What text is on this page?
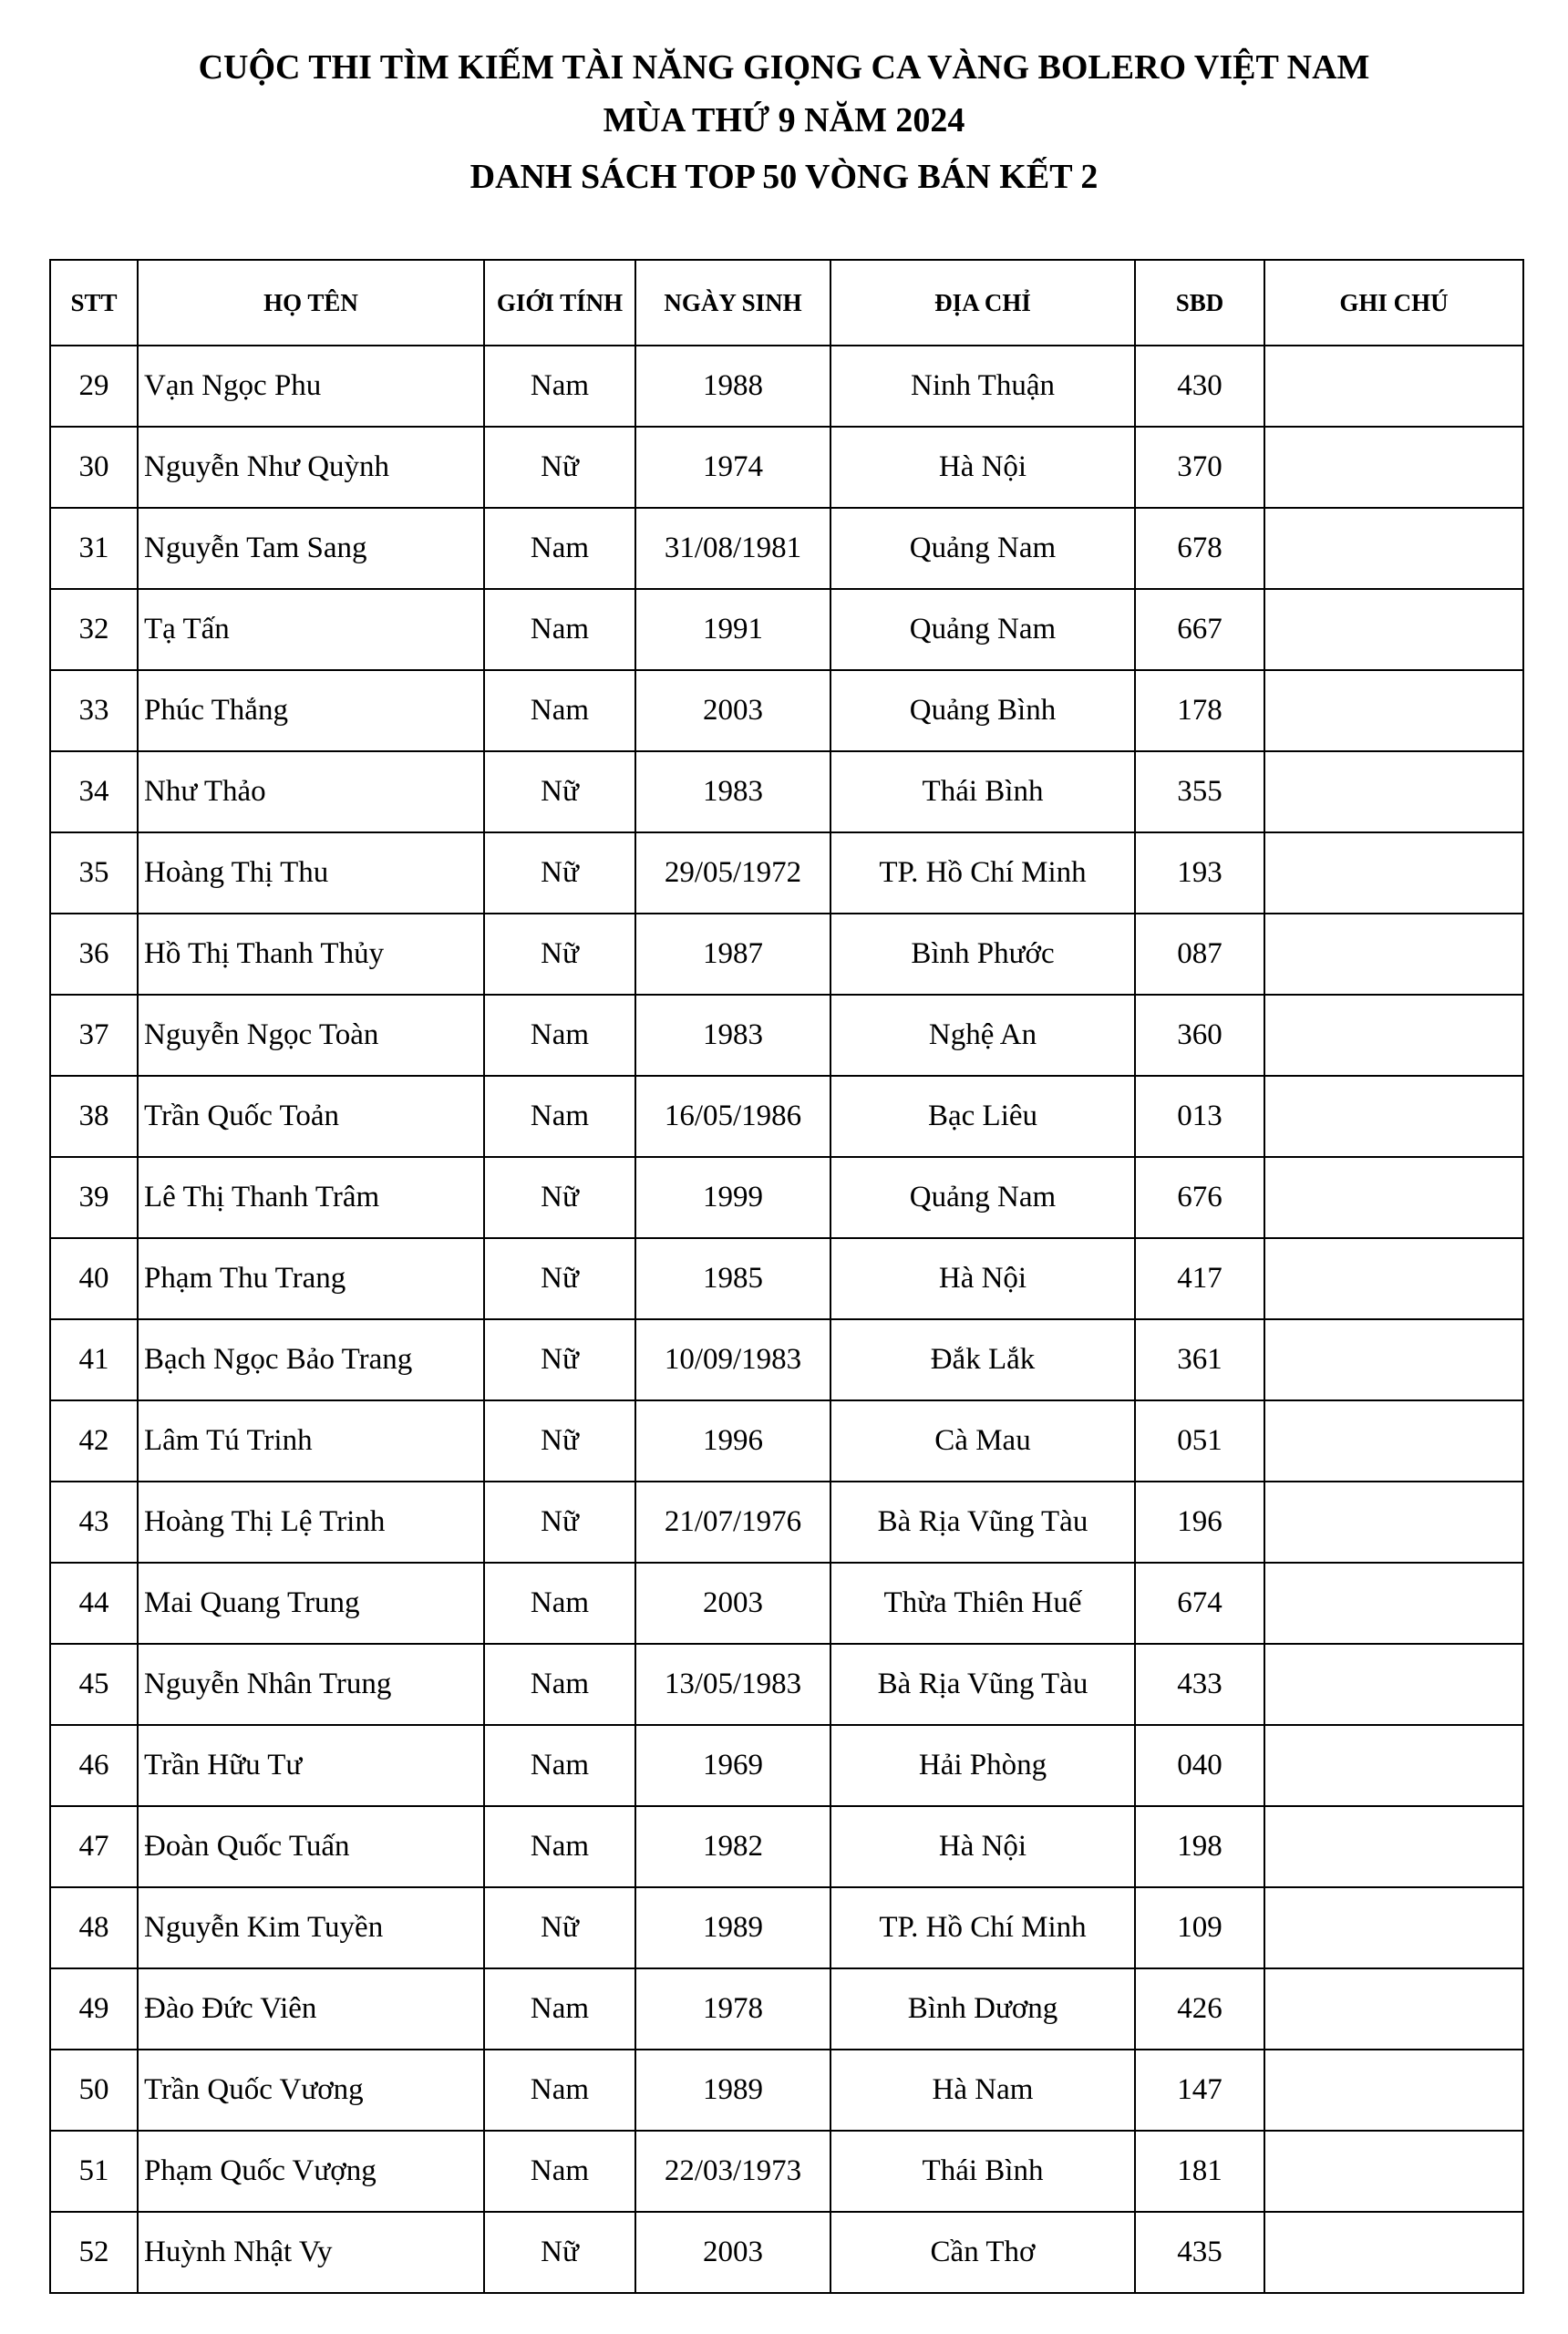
CUỘC THI TÌM KIẾM TÀI NĂNG GIỌNG CA VÀNG BOLERO VIỆT NAM
MÙA THỨ 9 NĂM 2024
DANH SÁCH TOP 50 VÒNG BÁN KẾT 2
STT	HỌ TÊN	GIỚI TÍNH	NGÀY SINH	ĐỊA CHỈ	SBD	GHI CHÚ
29	Vạn Ngọc Phu	Nam	1988	Ninh Thuận	430	
30	Nguyễn Như Quỳnh	Nữ	1974	Hà Nội	370	
31	Nguyễn Tam Sang	Nam	31/08/1981	Quảng Nam	678	
32	Tạ Tấn	Nam	1991	Quảng Nam	667	
33	Phúc Thắng	Nam	2003	Quảng Bình	178	
34	Như Thảo	Nữ	1983	Thái Bình	355	
35	Hoàng Thị Thu	Nữ	29/05/1972	TP. Hồ Chí Minh	193	
36	Hồ Thị Thanh Thủy	Nữ	1987	Bình Phước	087	
37	Nguyễn Ngọc Toàn	Nam	1983	Nghệ An	360	
38	Trần Quốc Toản	Nam	16/05/1986	Bạc Liêu	013	
39	Lê Thị Thanh Trâm	Nữ	1999	Quảng Nam	676	
40	Phạm Thu Trang	Nữ	1985	Hà Nội	417	
41	Bạch Ngọc Bảo Trang	Nữ	10/09/1983	Đắk Lắk	361	
42	Lâm Tú Trinh	Nữ	1996	Cà Mau	051	
43	Hoàng Thị Lệ Trinh	Nữ	21/07/1976	Bà Rịa Vũng Tàu	196	
44	Mai Quang Trung	Nam	2003	Thừa Thiên Huế	674	
45	Nguyễn Nhân Trung	Nam	13/05/1983	Bà Rịa Vũng Tàu	433	
46	Trần Hữu Tư	Nam	1969	Hải Phòng	040	
47	Đoàn Quốc Tuấn	Nam	1982	Hà Nội	198	
48	Nguyễn Kim Tuyền	Nữ	1989	TP. Hồ Chí Minh	109	
49	Đào Đức Viên	Nam	1978	Bình Dương	426	
50	Trần Quốc Vương	Nam	1989	Hà Nam	147	
51	Phạm Quốc Vượng	Nam	22/03/1973	Thái Bình	181	
52	Huỳnh Nhật Vy	Nữ	2003	Cần Thơ	435	
